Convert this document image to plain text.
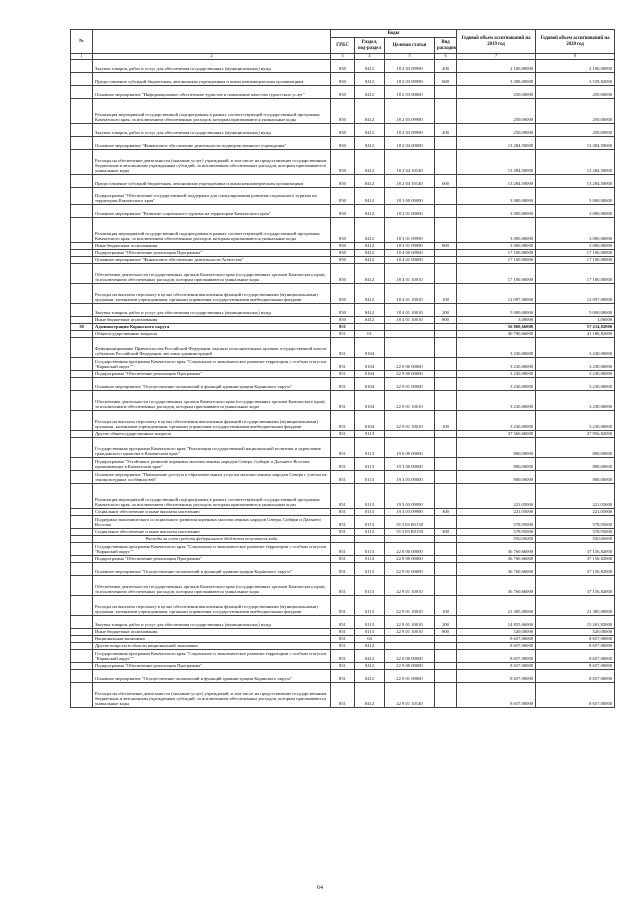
№		Коды				Годовой объем ассигнований на 2019 год	Годовой объем ассигнований на 2020 год
		ГРБС	Раздел, под-раздел	Целевая статья	Вид расходов		
1	2	3	4	5	6	7	8
	Закупка товаров, работ и услуг для обеспечения государственных (муниципальных) нужд	850	0412	18 2 03 09990	200	2 100,00000	2 100,00000
	Предоставление субсидий бюджетным, автономным учреждениям и иным некоммерческим организациям	850	0412	18 2 03 09990	600	3 288,00000	3 539,82000
	Основное мероприятие "Информационное обеспечение туристов и повышение качества туристских услуг"	850	0412	18 2 03 00000		250,00000	250,00000
	Реализация мероприятий государственной подпрограммы в рамках соответствующей государственной программы Камчатского края, за исключением обеспеченных расходов, которым присваиваются уникальные коды	850	0412	18 2 03 09990		250,00000	250,00000
	Закупка товаров, работ и услуг для обеспечения государственных (муниципальных) нужд	850	0412	18 2 03 09990	200	250,00000	250,00000
	Основное мероприятие "Финансовое обеспечение деятельности подведомственного учреждения"	850	0412	18 2 04 00000		13 284,50000	13 284,50000
	Расходы на обеспечение деятельности (оказание услуг) учреждений, в том числе на предоставление государственным бюджетным и автономным учреждениям субсидий, за исключением обеспеченных расходов, которым присваиваются уникальные коды	850	0412	18 2 04 10140		13 284,50000	13 284,50000
	Предоставление субсидий бюджетным, автономным учреждениям и иным некоммерческим организациям	850	0412	18 2 04 10140	600	13 284,50000	13 284,50000
	Подпрограмма "Обеспечение государственной поддержки для стимулирования развития социального туризма на территории Камчатского края"	850	0412	18 3 00 00000		3 000,00000	3 000,00000
	Основное мероприятие "Развитие социального туризма на территории Камчатского края"	850	0412	18 3 01 00000		3 000,00000	3 000,00000
	Реализация мероприятий государственной подпрограммы в рамках соответствующей государственной программы Камчатского края, за исключением обеспеченных расходов, которым присваиваются уникальные коды	850	0412	18 3 01 09990		3 000,00000	3 000,00000
	Иные бюджетные ассигнования	850	0412	18 3 01 09990	800	3 000,00000	3 000,00000
	Подпрограмма "Обеспечение реализации Программы"	850	0412	18 4 00 00000		17 100,00000	17 100,00000
	Основное мероприятие "Финансовое обеспечение деятельности Агентства"	850	0412	18 4 01 00000		17 100,00000	17 100,00000
	Обеспечение деятельности государственных органов Камчатского края (государственных органов Камчатского края), за исключением обеспеченных расходов, которым присваиваются уникальные коды	850	0412	18 4 01 10010		17 100,00000	17 100,00000
	Расходы на выплаты персоналу в целях обеспечения выполнения функций государственными (муниципальными) органами, казенными учреждениями, органами управления государственными внебюджетными фондами	850	0412	18 4 01 10010	100	12 097,00000	12 097,00000
	Закупка товаров, работ и услуг для обеспечения государственных (муниципальных) нужд	850	0412	18 4 01 10010	200	5 000,00000	5 000,00000
	Иные бюджетные ассигнования	850	0412	18 4 01 10010	800	3,00000	3,00000
38	Администрация Корякского округа	851				56 868,66000	57 214,82000
	Общегосударственные вопросы	851	01			40 790,66000	41 186,82000
	Функционирование Правительства Российской Федерации, высших исполнительных органов государственной власти субъектов Российской Федерации, местных администраций	851	0104			3 230,00000	3 230,00000
	Государственная программа Камчатского края "Социальное и экономическое развитие территории с особым статусом "Корякский округ""	851	0104	22 0 00 00000		3 230,00000	3 230,00000
	Подпрограмма "Обеспечение реализации Программы"	851	0104	22 9 00 00000		3 230,00000	3 230,00000
	Основное мероприятие "Осуществление полномочий и функций администрации Корякского округа"	851	0104	22 9 01 00000		3 230,00000	3 230,00000
	Обеспечение деятельности государственных органов Камчатского края (государственных органов Камчатского края), за исключением обеспеченных расходов, которым присваиваются уникальные коды	851	0104	22 9 01 10010		3 230,00000	3 230,00000
	Расходы на выплаты персоналу в целях обеспечения выполнения функций государственными (муниципальными) органами, казенными учреждениями, органами управления государственными внебюджетными фондами	851	0104	22 9 01 10010	100	3 230,00000	3 230,00000
	Другие общегосударственные вопросы	851	0113			37 560,66000	37 956,82000
	Государственная программа Камчатского края "Реализация государственной национальной политики и укрепление гражданского единства в Камчатском крае"	851	0113	19 0 00 00000		800,00000	800,00000
	Подпрограмма "Устойчивое развитие коренных малочисленных народов Севера, Сибири и Дальнего Востока, проживающих в Камчатском крае"	851	0113	19 3 00 00000		800,00000	800,00000
	Основное мероприятие "Повышение доступа к образовательным услугам малочисленных народов Севера с учетом их этнокультурных особенностей"	851	0113	19 3 03 00000		800,00000	800,00000
	Реализация мероприятий государственной подпрограммы в рамках соответствующей государственной программы Камчатского края, за исключением обеспеченных расходов, которым присваиваются уникальные коды	851	0113	19 3 03 09990		221,05000	221,05000
	Социальное обеспечение и иные выплаты населению	851	0113	19 3 03 09990	300	221,05000	221,05000
	Поддержка экономического и социального развития коренных малочисленных народов Севера, Сибири и Дальнего Востока	851	0113	19 3 03 R5150		578,95000	578,95000
	Социальное обеспечение и иные выплаты населению	851	0113	19 3 03 R5150	300	578,95000	578,95000
	Расходы за счет средств федерального бюджета получателя кода					550,00000	550,00000
	Государственная программа Камчатского края "Социальное и экономическое развитие территории с особым статусом "Корякский округ""	851	0113	22 0 00 00000		36 760,66000	37 156,82000
	Подпрограмма "Обеспечение реализации Программы"	851	0113	22 9 00 00000		36 760,66000	37 156,82000
	Основное мероприятие "Осуществление полномочий и функций администрации Корякского округа"	851	0113	22 9 01 00000		36 760,66000	37 156,82000
	Обеспечение деятельности государственных органов Камчатского края (государственных органов Камчатского края), за исключением обеспеченных расходов, которым присваиваются уникальные коды	851	0113	22 9 01 10010		36 760,66000	37 156,82000
	Расходы на выплаты персоналу в целях обеспечения выполнения функций государственными (муниципальными) органами, казенными учреждениями, органами управления государственными внебюджетными фондами	851	0113	22 9 01 10010	100	21 385,00000	21 385,00000
	Закупка товаров, работ и услуг для обеспечения государственных (муниципальных) нужд	851	0113	22 9 01 10010	200	14 855,66000	15 261,82000
	Иные бюджетные ассигнования	851	0113	22 9 01 10010	800	520,00000	520,00000
	Национальная экономика	851	04			8 657,00000	8 657,00000
	Другие вопросы в области национальной экономики	851	0412			8 657,00000	8 657,00000
	Государственная программа Камчатского края "Социальное и экономическое развитие территории с особым статусом "Корякский округ""	851	0412	22 0 00 00000		8 657,00000	8 657,00000
	Подпрограмма "Обеспечение реализации Программы"	851	0412	22 9 00 00000		8 657,00000	8 657,00000
	Основное мероприятие "Осуществление полномочий и функций администрации Корякского округа"	851	0412	22 9 01 00000		8 657,00000	8 657,00000
	Расходы на обеспечение деятельности (оказание услуг) учреждений, в том числе на предоставление государственным бюджетным и автономным учреждениям субсидий, за исключением обеспеченных расходов, которым присваиваются уникальные коды	851	0412	22 9 01 10140		8 657,00000	8 657,00000
64
